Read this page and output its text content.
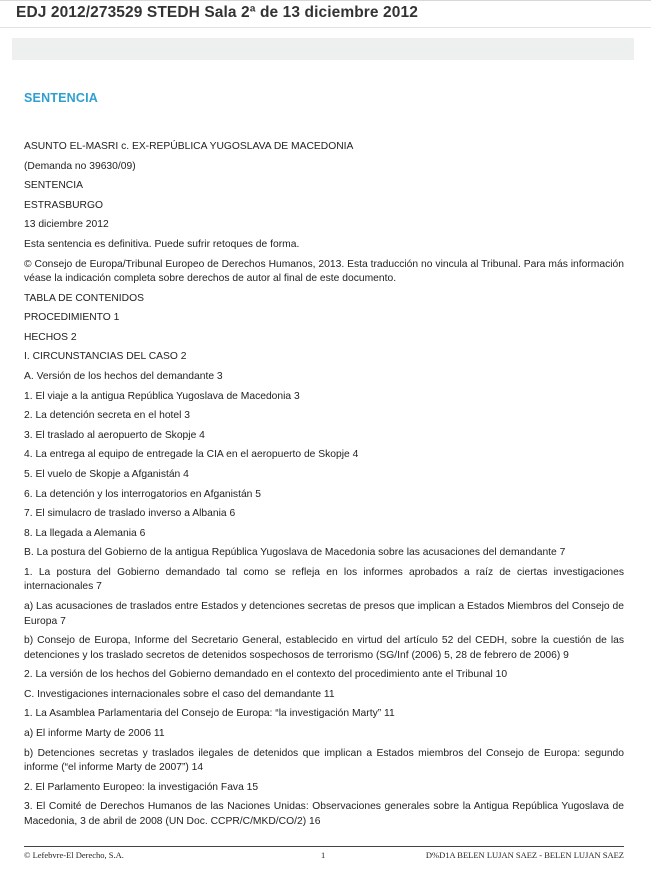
EDJ 2012/273529 STEDH Sala 2ª de 13 diciembre 2012
SENTENCIA

ASUNTO EL-MASRI c. EX-REPÚBLICA YUGOSLAVA DE MACEDONIA

(Demanda no 39630/09)

SENTENCIA

ESTRASBURGO

13 diciembre 2012

Esta sentencia es definitiva. Puede sufrir retoques de forma.

© Consejo de Europa/Tribunal Europeo de Derechos Humanos, 2013. Esta traducción no vincula al Tribunal. Para más información véase la indicación completa sobre derechos de autor al final de este documento.

TABLA DE CONTENIDOS

PROCEDIMIENTO 1

HECHOS 2

I. CIRCUNSTANCIAS DEL CASO 2

A. Versión de los hechos del demandante 3

1. El viaje a la antigua República Yugoslava de Macedonia 3

2. La detención secreta en el hotel 3

3. El traslado al aeropuerto de Skopje 4

4. La entrega al equipo de entregade la CIA en el aeropuerto de Skopje 4

5. El vuelo de Skopje a Afganistán 4

6. La detención y los interrogatorios en Afganistán 5

7. El simulacro de traslado inverso a Albania 6

8. La llegada a Alemania 6

B. La postura del Gobierno de la antigua República Yugoslava de Macedonia sobre las acusaciones del demandante 7

1. La postura del Gobierno demandado tal como se refleja en los informes aprobados a raíz de ciertas investigaciones internacionales 7

a) Las acusaciones de traslados entre Estados y detenciones secretas de presos que implican a Estados Miembros del Consejo de Europa 7

b) Consejo de Europa, Informe del Secretario General, establecido en virtud del artículo 52 del CEDH, sobre la cuestión de las detenciones y los traslado secretos de detenidos sospechosos de terrorismo (SG/Inf (2006) 5, 28 de febrero de 2006) 9

2. La versión de los hechos del Gobierno demandado en el contexto del procedimiento ante el Tribunal 10

C. Investigaciones internacionales sobre el caso del demandante 11

1. La Asamblea Parlamentaria del Consejo de Europa: “la investigación Marty” 11

a) El informe Marty de 2006 11

b) Detenciones secretas y traslados ilegales de detenidos que implican a Estados miembros del Consejo de Europa: segundo informe (“el informe Marty de 2007”) 14

2. El Parlamento Europeo: la investigación Fava 15

3. El Comité de Derechos Humanos de las Naciones Unidas: Observaciones generales sobre la Antigua República Yugoslava de Macedonia, 3 de abril de 2008 (UN Doc. CCPR/C/MKD/CO/2) 16

© Lefebvre-El Derecho, S.A.	1	D%D1A BELEN LUJAN SAEZ - BELEN LUJAN SAEZ
